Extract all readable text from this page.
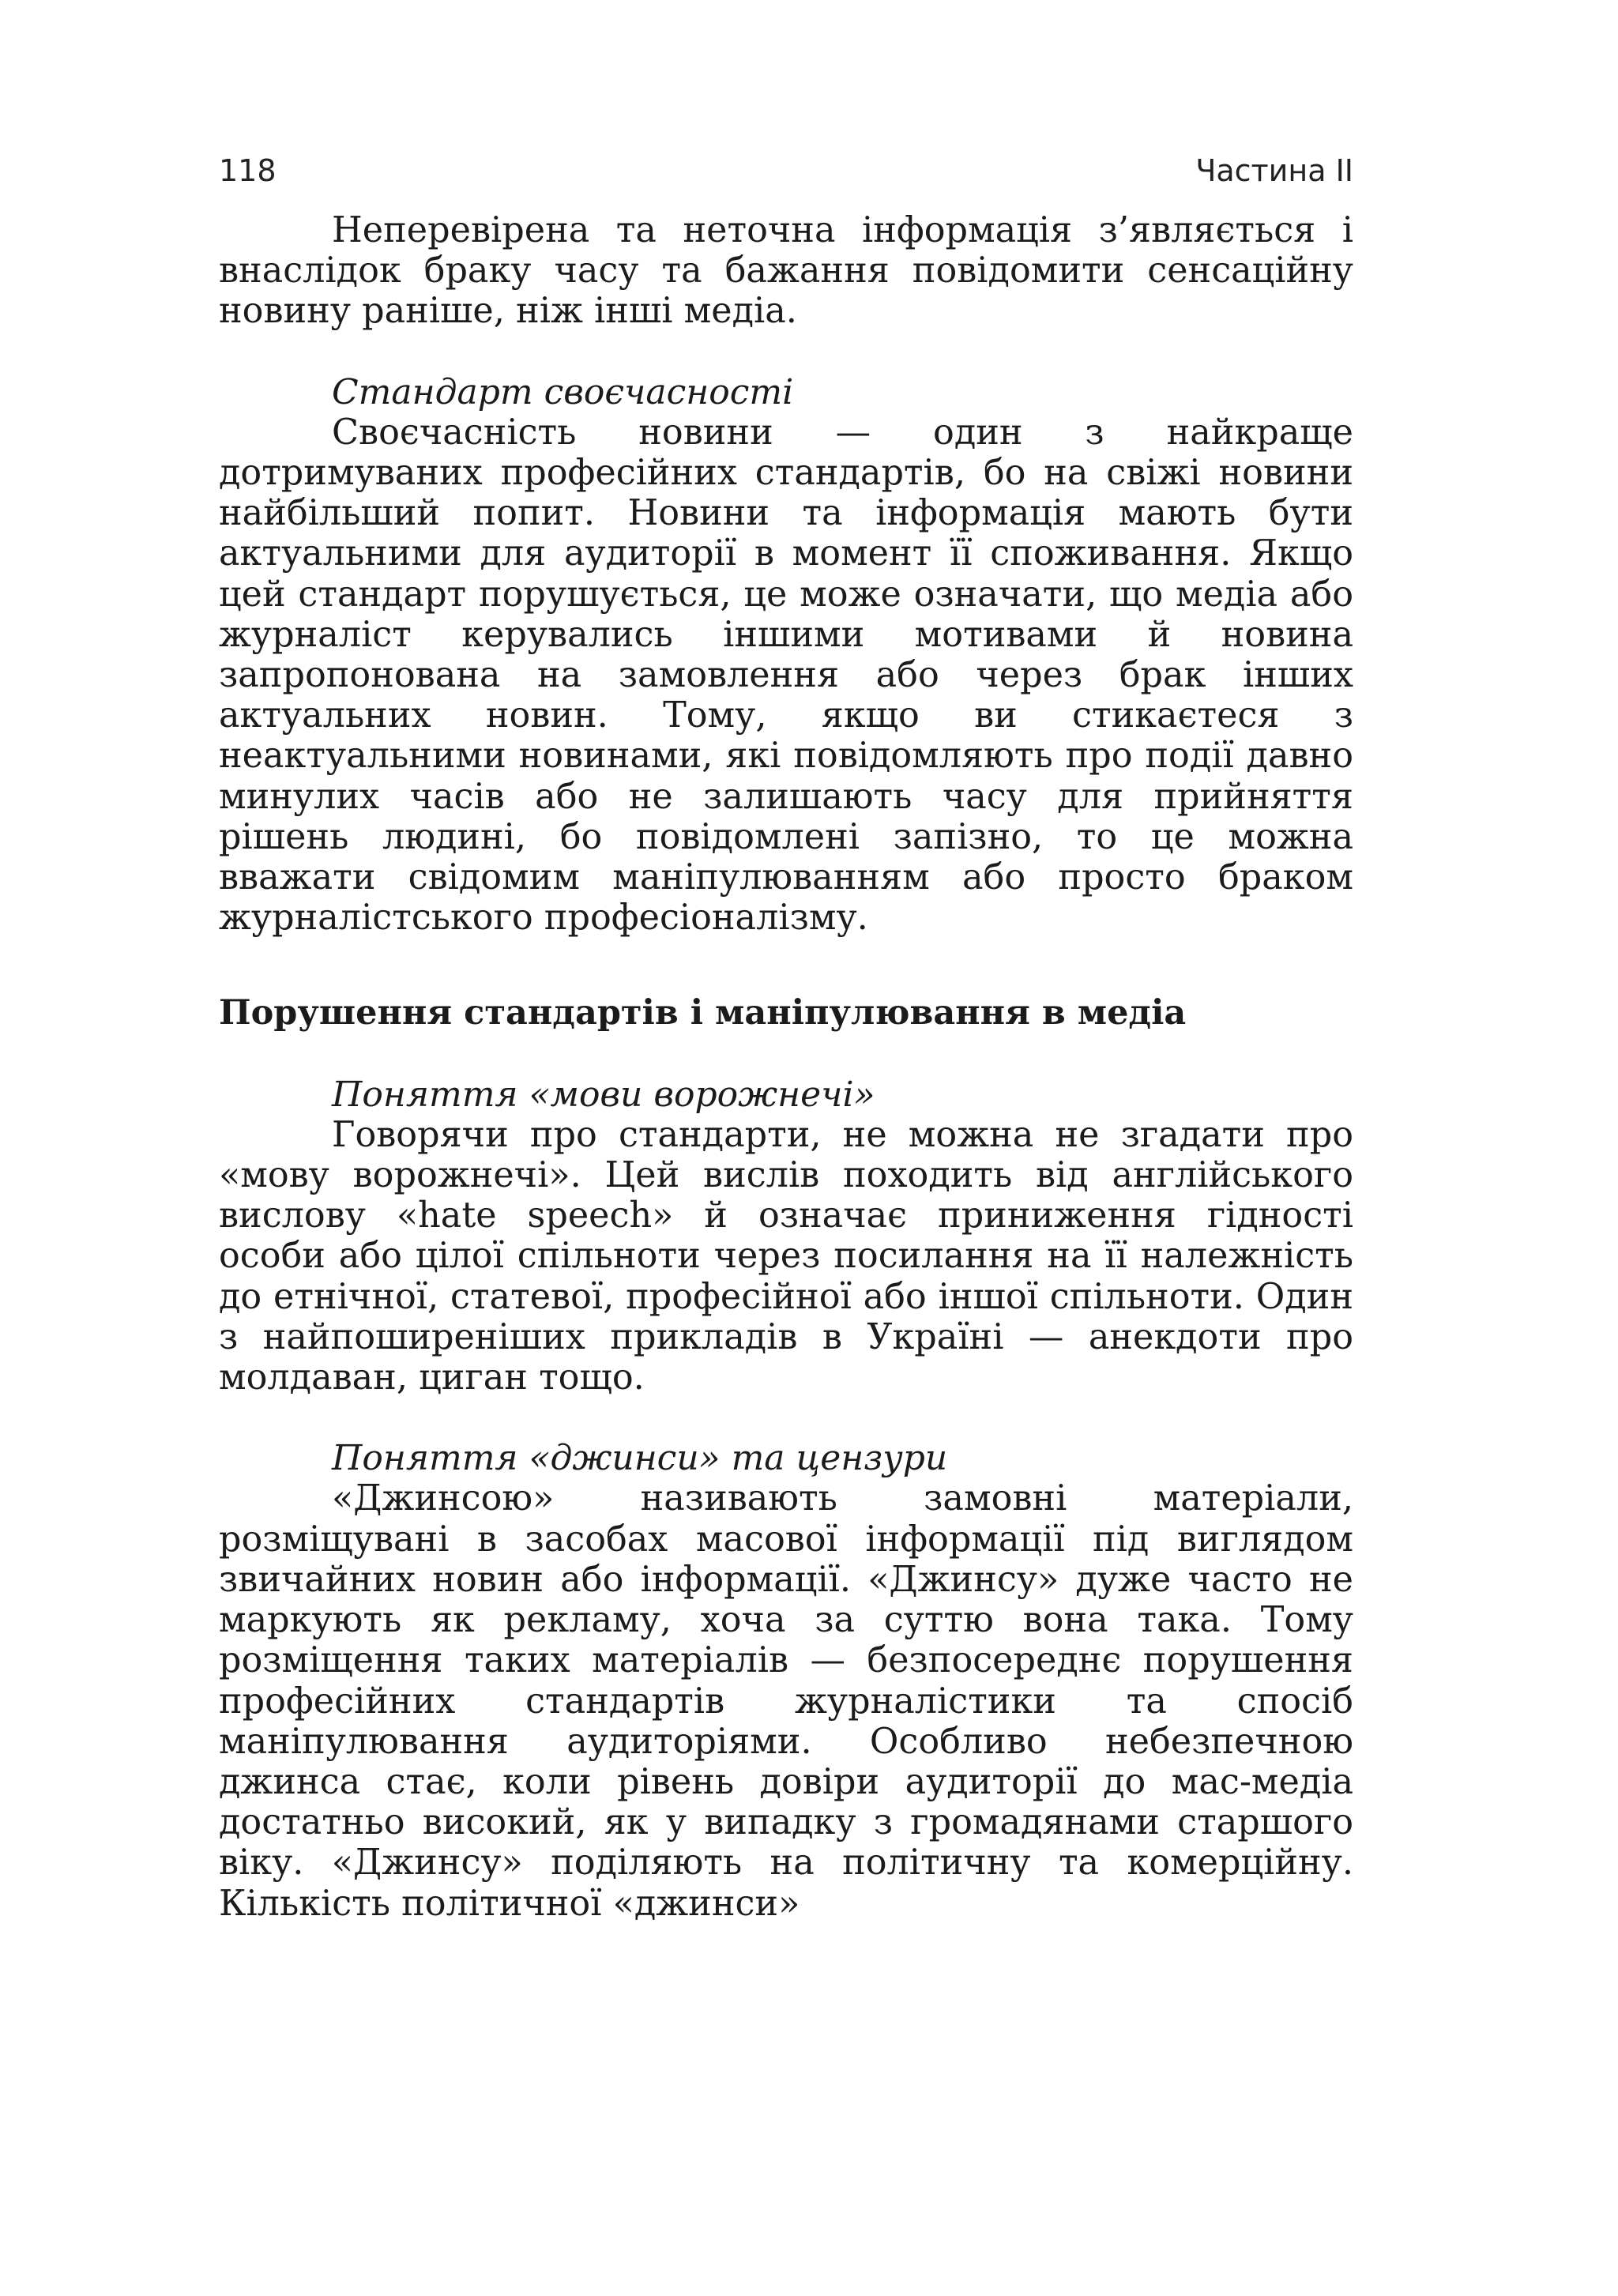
118	Частина II

Неперевірена та неточна інформація з’являється і внаслідок браку часу та бажання повідомити сенсаційну новину раніше, ніж інші медіа.

Стандарт своєчасності

Своєчасність новини — один з найкраще дотримуваних професійних стандартів, бо на свіжі новини найбільший попит. Новини та інформація мають бути актуальними для аудиторії в момент її споживання. Якщо цей стандарт порушується, це може означати, що медіа або журналіст керувались іншими мотивами й новина запропонована на замовлення або через брак інших актуальних новин. Тому, якщо ви стикаєтеся з неактуальними новинами, які повідомляють про події давно минулих часів або не залишають часу для прийняття рішень людині, бо повідомлені запізно, то це можна вважати свідомим маніпулюванням або просто браком журналістського професіоналізму.

Порушення стандартів і маніпулювання в медіа
Поняття «мови ворожнечі»

Говорячи про стандарти, не можна не згадати про «мову ворожнечі». Цей вислів походить від англійського вислову «hate speech» й означає приниження гідності особи або цілої спільноти через посилання на її належність до етнічної, статевої, професійної або іншої спільноти. Один з найпоширеніших прикладів в Україні — анекдоти про молдаван, циган тощо.

Поняття «джинси» та цензури

«Джинсою» називають замовні матеріали, розміщувані в засобах масової інформації під виглядом звичайних новин або інформації. «Джинсу» дуже часто не маркують як рекламу, хоча за суттю вона така. Тому розміщення таких матеріалів — безпосереднє порушення професійних стандартів журналістики та спосіб маніпулювання аудиторіями. Особливо небезпечною джинса стає, коли рівень довіри аудиторії до мас-медіа достатньо високий, як у випадку з громадянами старшого віку. «Джинсу» поділяють на політичну та комерційну. Кількість політичної «джинси»
